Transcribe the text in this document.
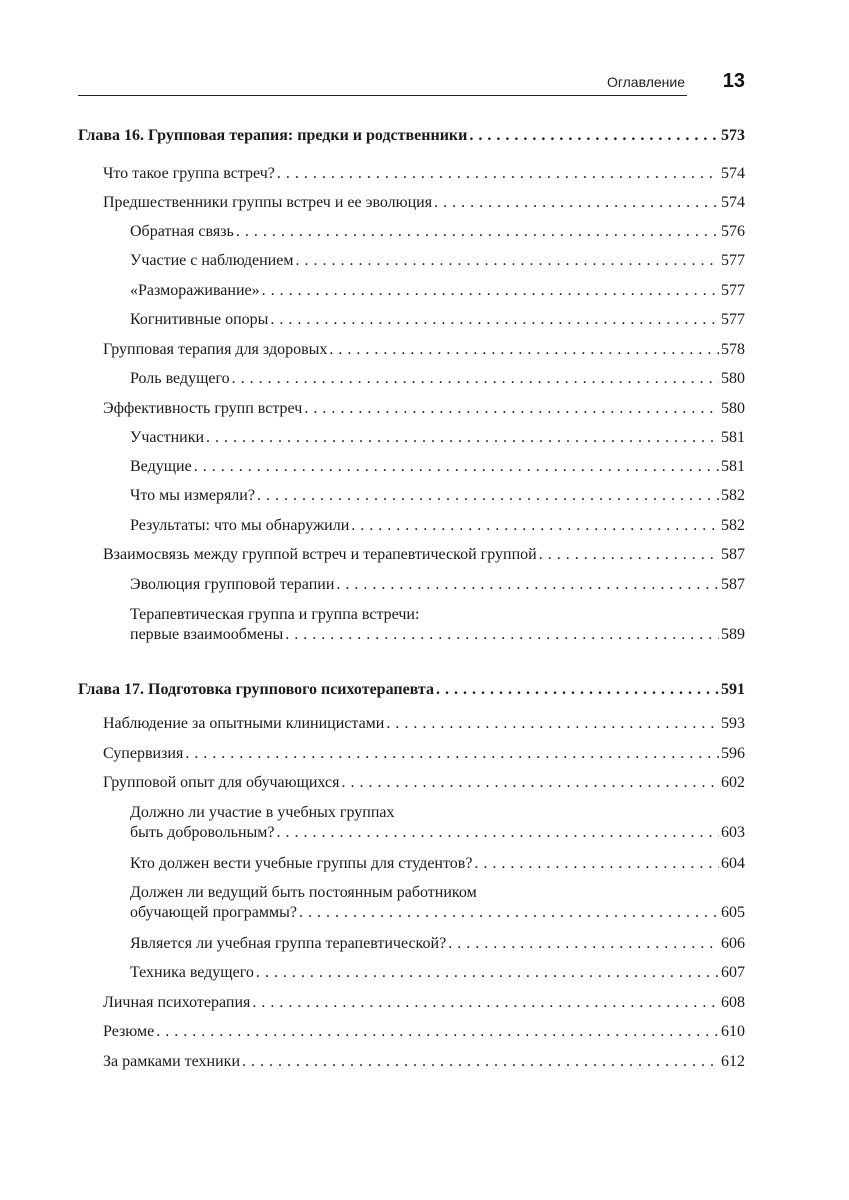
Оглавление 13
Глава 16. Групповая терапия: предки и родственники . . .	573
Что такое группа встреч? . . .	574
Предшественники группы встреч и ее эволюция . . .	574
Обратная связь . . .	576
Участие с наблюдением . . .	577
«Размораживание» . . .	577
Когнитивные опоры . . .	577
Групповая терапия для здоровых . . .	578
Роль ведущего . . .	580
Эффективность групп встреч . . .	580
Участники . . .	581
Ведущие . . .	581
Что мы измеряли? . . .	582
Результаты: что мы обнаружили . . .	582
Взаимосвязь между группой встреч и терапевтической группой . . .	587
Эволюция групповой терапии . . .	587
Терапевтическая группа и группа встречи:
первые взаимообмены . . .	589
Глава 17. Подготовка группового психотерапевта . . .	591
Наблюдение за опытными клиницистами . . .	593
Супервизия . . .	596
Групповой опыт для обучающихся . . .	602
Должно ли участие в учебных группах
быть добровольным? . . .	603
Кто должен вести учебные группы для студентов? . . .	604
Должен ли ведущий быть постоянным работником
обучающей программы? . . .	605
Является ли учебная группа терапевтической? . . .	606
Техника ведущего . . .	607
Личная психотерапия . . .	608
Резюме . . .	610
За рамками техники . . .	612
